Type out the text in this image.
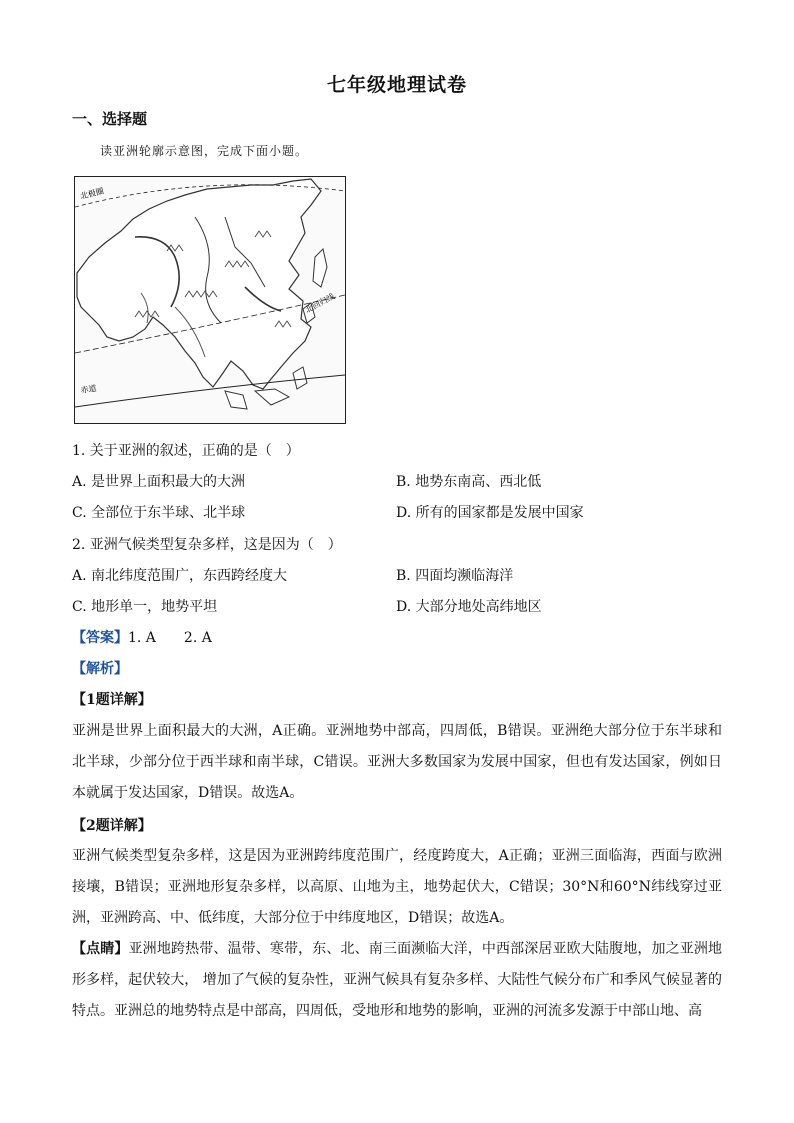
七年级地理试卷
一、选择题
读亚洲轮廓示意图，完成下面小题。
北极圈
北回归线
赤道
1. 关于亚洲的叙述，正确的是（　）
A. 是世界上面积最大的大洲	B. 地势东南高、西北低
C. 全部位于东半球、北半球	D. 所有的国家都是发展中国家
2. 亚洲气候类型复杂多样，这是因为（　）
A. 南北纬度范围广，东西跨经度大	B. 四面均濒临海洋
C. 地形单一，地势平坦	D. 大部分地处高纬地区
【答案】1. A　　2. A
【解析】
【1题详解】
亚洲是世界上面积最大的大洲，A正确。亚洲地势中部高，四周低，B错误。亚洲绝大部分位于东半球和北半球，少部分位于西半球和南半球，C错误。亚洲大多数国家为发展中国家，但也有发达国家，例如日本就属于发达国家，D错误。故选A。
【2题详解】
亚洲气候类型复杂多样，这是因为亚洲跨纬度范围广，经度跨度大，A正确；亚洲三面临海，西面与欧洲接壤，B错误；亚洲地形复杂多样，以高原、山地为主，地势起伏大，C错误；30°N和60°N纬线穿过亚洲，亚洲跨高、中、低纬度，大部分位于中纬度地区，D错误；故选A。
【点睛】亚洲地跨热带、温带、寒带，东、北、南三面濒临大洋，中西部深居亚欧大陆腹地，加之亚洲地形多样，起伏较大， 增加了气候的复杂性，亚洲气候具有复杂多样、大陆性气候分布广和季风气候显著的特点。亚洲总的地势特点是中部高，四周低，受地形和地势的影响，亚洲的河流多发源于中部山地、高
